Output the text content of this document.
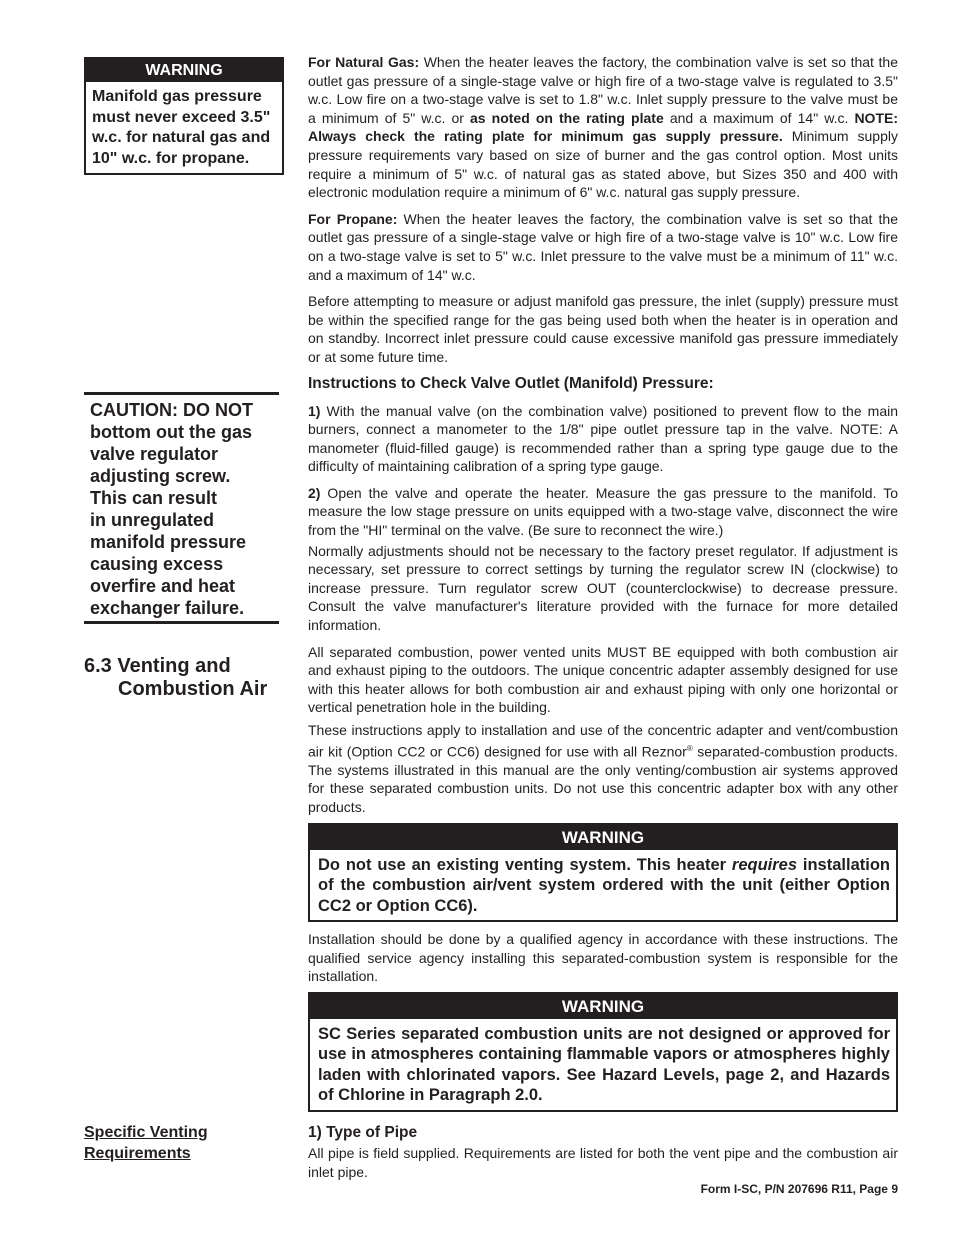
WARNING
Manifold gas pressure must never exceed 3.5" w.c. for natural gas and 10" w.c. for propane.
CAUTION: DO NOT
bottom out the gas
valve regulator
adjusting screw.
This can result
in unregulated
manifold pressure
causing excess
overfire and heat
exchanger failure.
6.3 Venting and
Combustion Air
Specific Venting
Requirements

For Natural Gas: When the heater leaves the factory, the combination valve is set so that the outlet gas pressure of a single-stage valve or high fire of a two-stage valve is regulated to 3.5" w.c. Low fire on a two-stage valve is set to 1.8" w.c. Inlet supply pressure to the valve must be a minimum of 5" w.c. or as noted on the rating plate and a maximum of 14" w.c. NOTE: Always check the rating plate for minimum gas supply pressure. Minimum supply pressure requirements vary based on size of burner and the gas control option. Most units require a minimum of 5" w.c. of natural gas as stated above, but Sizes 350 and 400 with electronic modulation require a minimum of 6" w.c. natural gas supply pressure.

For Propane: When the heater leaves the factory, the combination valve is set so that the outlet gas pressure of a single-stage valve or high fire of a two-stage valve is 10" w.c. Low fire on a two-stage valve is set to 5" w.c. Inlet pressure to the valve must be a minimum of 11" w.c. and a maximum of 14" w.c.

Before attempting to measure or adjust manifold gas pressure, the inlet (supply) pressure must be within the specified range for the gas being used both when the heater is in operation and on standby. Incorrect inlet pressure could cause excessive manifold gas pressure immediately or at some future time.

Instructions to Check Valve Outlet (Manifold) Pressure:

1) With the manual valve (on the combination valve) positioned to prevent flow to the main burners, connect a manometer to the 1/8" pipe outlet pressure tap in the valve. NOTE: A manometer (fluid-filled gauge) is recommended rather than a spring type gauge due to the difficulty of maintaining calibration of a spring type gauge.

2) Open the valve and operate the heater. Measure the gas pressure to the manifold. To measure the low stage pressure on units equipped with a two-stage valve, disconnect the wire from the "HI" terminal on the valve. (Be sure to reconnect the wire.)

Normally adjustments should not be necessary to the factory preset regulator. If adjustment is necessary, set pressure to correct settings by turning the regulator screw IN (clockwise) to increase pressure. Turn regulator screw OUT (counterclockwise) to decrease pressure. Consult the valve manufacturer's literature provided with the furnace for more detailed information.

All separated combustion, power vented units MUST BE equipped with both combustion air and exhaust piping to the outdoors. The unique concentric adapter assembly designed for use with this heater allows for both combustion air and exhaust piping with only one horizontal or vertical penetration hole in the building.

These instructions apply to installation and use of the concentric adapter and vent/combustion air kit (Option CC2 or CC6) designed for use with all Reznor® separated-combustion products. The systems illustrated in this manual are the only venting/combustion air systems approved for these separated combustion units. Do not use this concentric adapter box with any other products.

WARNING
Do not use an existing venting system. This heater requires installation of the combustion air/vent system ordered with the unit (either Option CC2 or Option CC6).

Installation should be done by a qualified agency in accordance with these instructions. The qualified service agency installing this separated-combustion system is responsible for the installation.

WARNING
SC Series separated combustion units are not designed or approved for use in atmospheres containing flammable vapors or atmospheres highly laden with chlorinated vapors. See Hazard Levels, page 2, and Hazards of Chlorine in Paragraph 2.0.
1) Type of Pipe

All pipe is field supplied. Requirements are listed for both the vent pipe and the combustion air inlet pipe.

Form I-SC, P/N 207696 R11, Page 9
